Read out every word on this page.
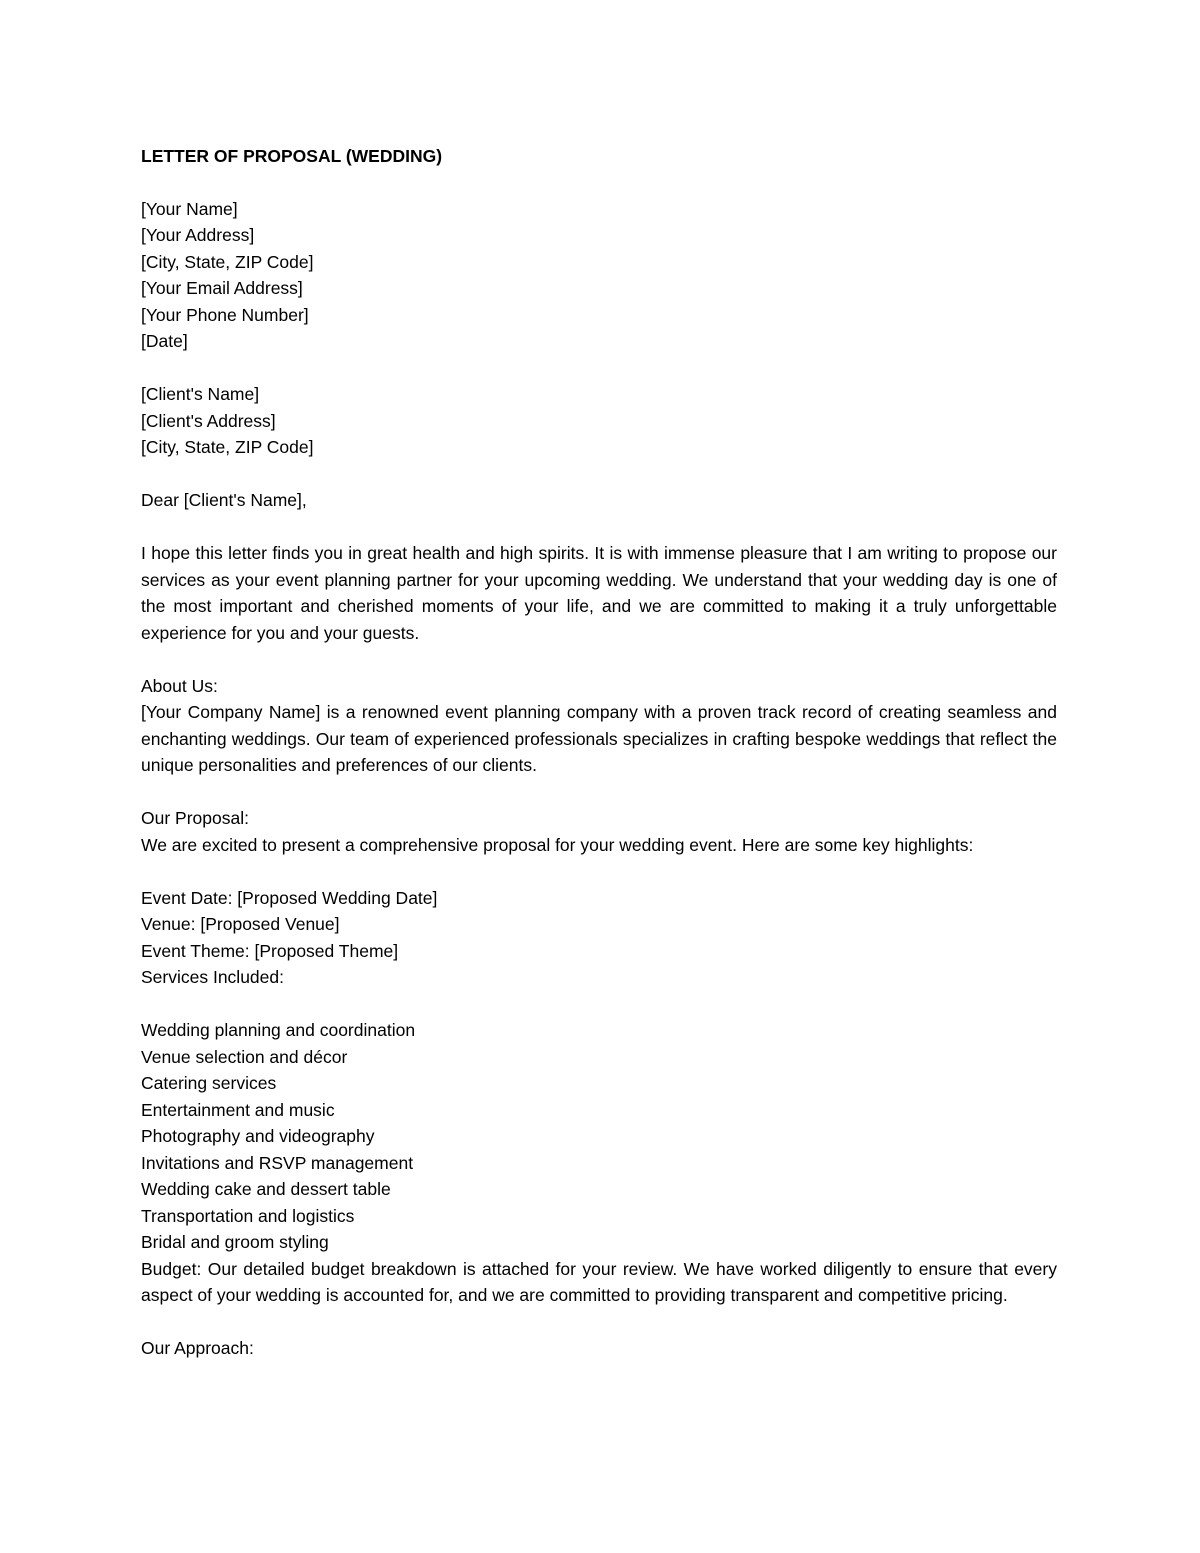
LETTER OF PROPOSAL (WEDDING)
[Your Name]
[Your Address]
[City, State, ZIP Code]
[Your Email Address]
[Your Phone Number]
[Date]
[Client's Name]
[Client's Address]
[City, State, ZIP Code]
Dear [Client's Name],
I hope this letter finds you in great health and high spirits. It is with immense pleasure that I am writing to propose our services as your event planning partner for your upcoming wedding. We understand that your wedding day is one of the most important and cherished moments of your life, and we are committed to making it a truly unforgettable experience for you and your guests.
About Us:
[Your Company Name] is a renowned event planning company with a proven track record of creating seamless and enchanting weddings. Our team of experienced professionals specializes in crafting bespoke weddings that reflect the unique personalities and preferences of our clients.
Our Proposal:
We are excited to present a comprehensive proposal for your wedding event. Here are some key highlights:
Event Date: [Proposed Wedding Date]
Venue: [Proposed Venue]
Event Theme: [Proposed Theme]
Services Included:
Wedding planning and coordination
Venue selection and décor
Catering services
Entertainment and music
Photography and videography
Invitations and RSVP management
Wedding cake and dessert table
Transportation and logistics
Bridal and groom styling
Budget: Our detailed budget breakdown is attached for your review. We have worked diligently to ensure that every aspect of your wedding is accounted for, and we are committed to providing transparent and competitive pricing.
Our Approach:
